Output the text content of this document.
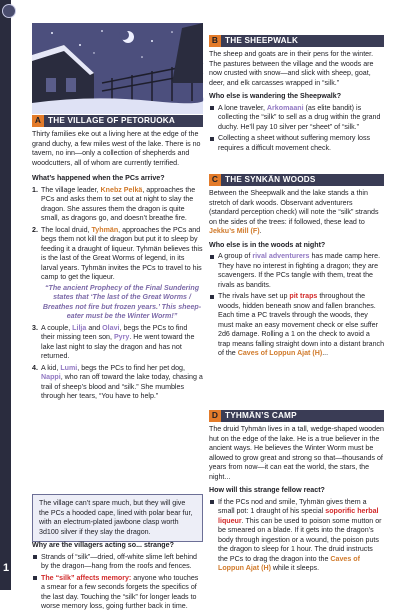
1
A THE VILLAGE OF PETORUOKA

Thirty families eke out a living here at the edge of the grand duchy, a few miles west of the lake. There is no tavern, no inn—only a collection of shepherds and woodcutters, all of whom are currently terrified.

What’s happened when the PCs arrive?

1. The village leader, Knebz Pelkä, approaches the PCs and asks them to set out at night to slay the dragon. She assures them the dragon is quite small, as dragons go, and doesn’t breathe fire.
2. The local druid, Tyhmän, approaches the PCs and begs them not kill the dragon but put it to sleep by feeding it a draught of liqueur. Tyhmän believes this is the last of the Great Worms of legend, in its larval years. Tyhmän invites the PCs to travel to his camp to get the liqueur.
“The ancient Prophecy of the Final Sundering states that ‘The last of the Great Worms / Breathes not fire but frozen years.’ This sheep-eater must be the Winter Worm!”
3. A couple, Lilja and Olavi, begs the PCs to find their missing teen son, Pyry. He went toward the lake last night to slay the dragon and has not returned.
4. A kid, Lumi, begs the PCs to find her pet dog, Nappi, who ran off toward the lake today, chasing a trail of sheep’s blood and “silk.” She mumbles through her tears, “You have to help.”
The village can’t spare much, but they will give the PCs a hooded cape, lined with polar bear fur, with an electrum-plated jawbone clasp worth 3d100 silver if they slay the dragon.

Why are the villagers acting so... strange?

Strands of “silk”—dried, off-white slime left behind by the dragon—hang from the roofs and fences.
The “silk” affects memory: anyone who touches a smear for a few seconds forgets the specifics of the last day. Touching the “silk” for longer leads to worse memory loss, going further back in time.
B THE SHEEPWALK

The sheep and goats are in their pens for the winter. The pastures between the village and the woods are now crusted with snow—and slick with sheep, goat, deer, and elk carcasses wrapped in “silk.”

Who else is wandering the Sheepwalk?

A lone traveler, Arkomaani (as elite bandit) is collecting the “silk” to sell as a drug within the grand duchy. He’ll pay 10 silver per “sheet” of “silk.”
Collecting a sheet without suffering memory loss requires a difficult movement check.
C THE SYNKÄN WOODS

Between the Sheepwalk and the lake stands a thin stretch of dark woods. Observant adventurers (standard perception check) will note the “silk” strands on the sides of the trees: if followed, these lead to Jekku’s Mill (F).

Who else is in the woods at night?

A group of rival adventurers has made camp here. They have no interest in fighting a dragon; they are scavengers. If the PCs tangle with them, treat the rivals as bandits.
The rivals have set up pit traps throughout the woods, hidden beneath snow and fallen branches. Each time a PC travels through the woods, they must make an easy movement check or else suffer 2d6 damage. Rolling a 1 on the check to avoid a trap means falling straight down into a distant branch of the Caves of Loppun Ajat (H)...
D TYHMÄN’S CAMP

The druid Tyhmän lives in a tall, wedge-shaped wooden hut on the edge of the lake. He is a true believer in the ancient ways. He believes the Winter Worm must be allowed to grow great and strong so that—thousands of years from now—it can eat the world, the stars, the night...

How will this strange fellow react?

If the PCs nod and smile, Tyhmän gives them a small pot: 1 draught of his special soporific herbal liqueur. This can be used to poison some mutton or be smeared on a blade. If it gets into the dragon’s body through ingestion or a wound, the poison puts the dragon to sleep for 1 hour. The druid instructs the PCs to drag the dragon into the Caves of Loppun Ajat (H) while it sleeps.
